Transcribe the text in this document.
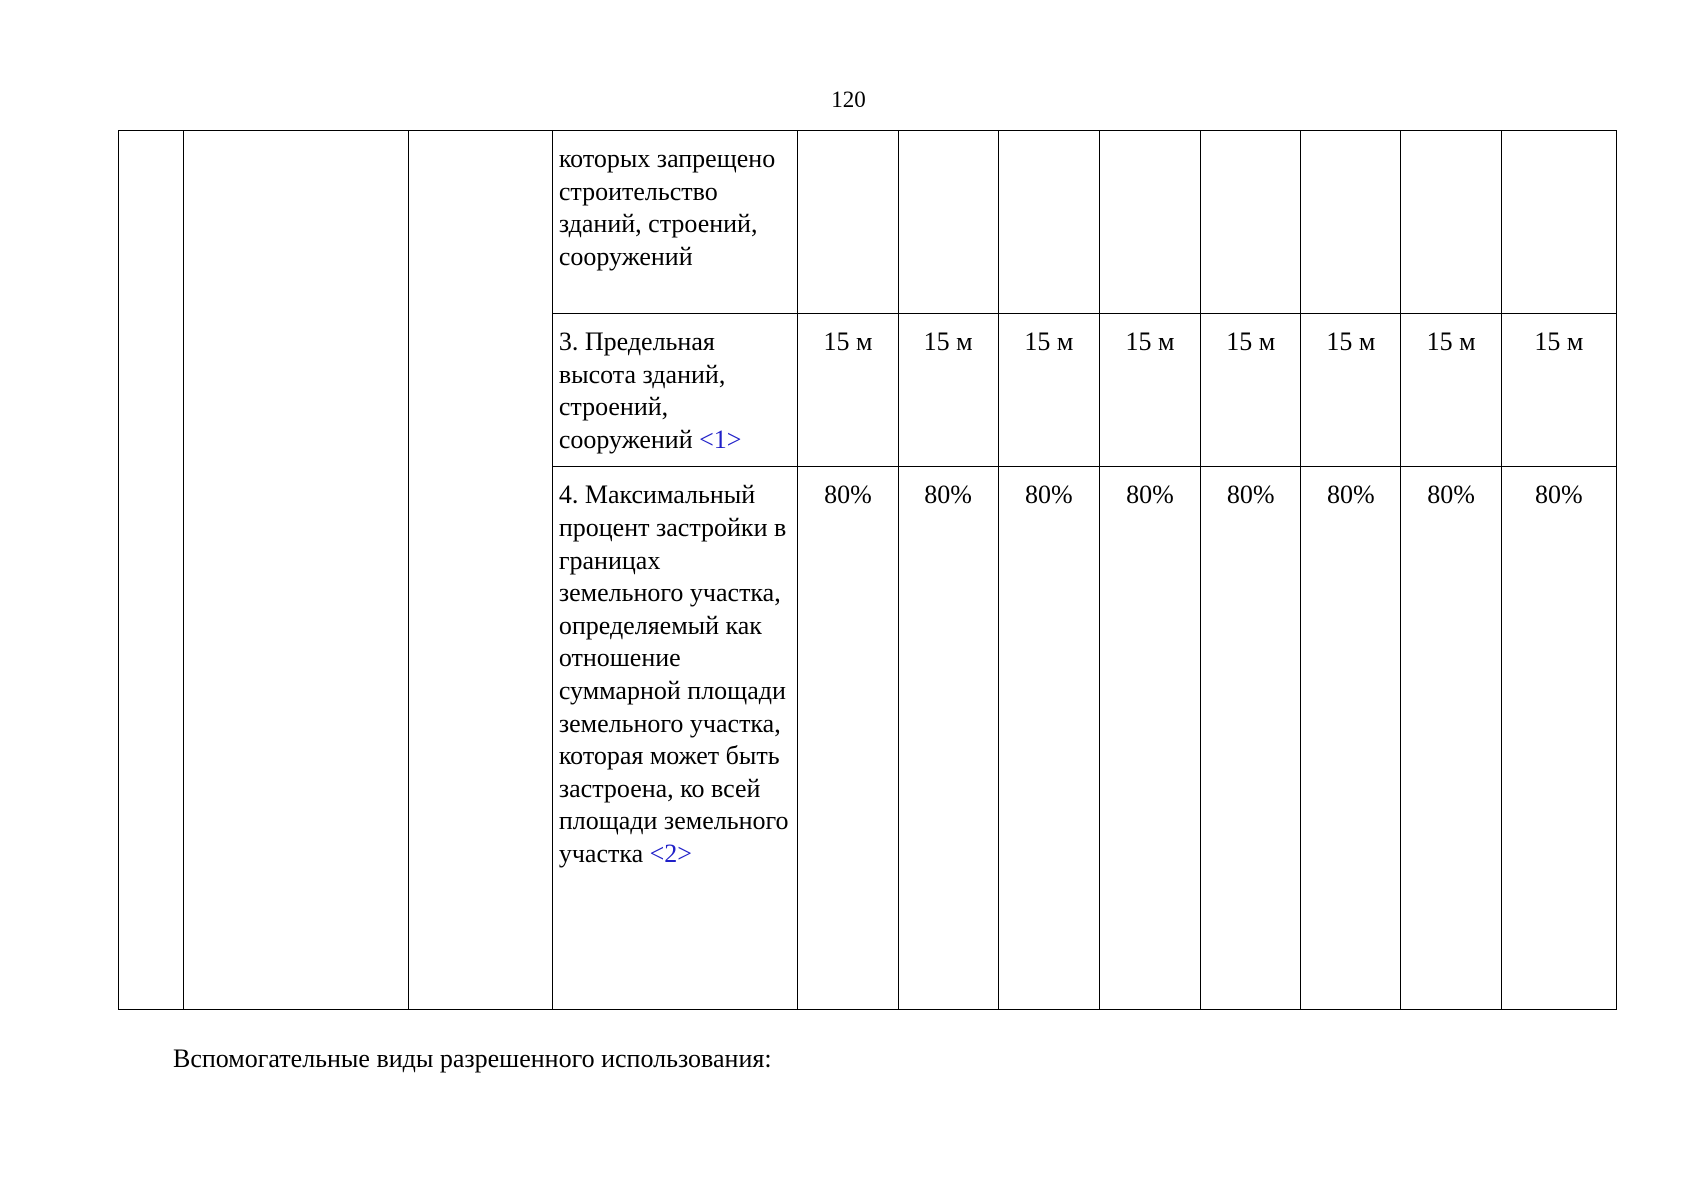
120
			которых запрещено строительство зданий, строений, сооружений								
			3. Предельная высота зданий, строений, сооружений <1>	15 м	15 м	15 м	15 м	15 м	15 м	15 м	15 м
			4. Максимальный процент застройки в границах земельного участка, определяемый как отношение суммарной площади земельного участка, которая может быть застроена, ко всей площади земельного участка <2>	80%	80%	80%	80%	80%	80%	80%	80%
Вспомогательные виды разрешенного использования:
